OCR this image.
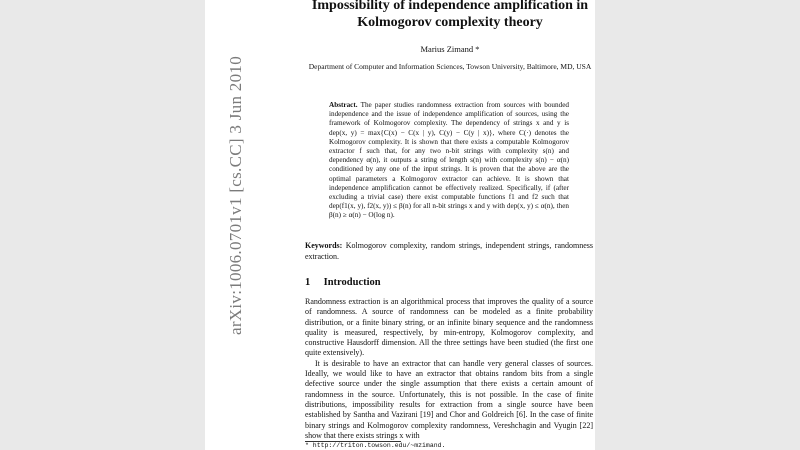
arXiv:1006.0701v1 [cs.CC] 3 Jun 2010
Impossibility of independence amplification in Kolmogorov complexity theory
Marius Zimand *
Department of Computer and Information Sciences, Towson University, Baltimore, MD, USA
Abstract. The paper studies randomness extraction from sources with bounded independence and the issue of independence amplification of sources, using the framework of Kolmogorov complexity. The dependency of strings x and y is dep(x, y) = max{C(x) − C(x | y), C(y) − C(y | x)}, where C(·) denotes the Kolmogorov complexity. It is shown that there exists a computable Kolmogorov extractor f such that, for any two n-bit strings with complexity s(n) and dependency α(n), it outputs a string of length s(n) with complexity s(n) − α(n) conditioned by any one of the input strings. It is proven that the above are the optimal parameters a Kolmogorov extractor can achieve. It is shown that independence amplification cannot be effectively realized. Specifically, if (after excluding a trivial case) there exist computable functions f1 and f2 such that dep(f1(x, y), f2(x, y)) ≤ β(n) for all n-bit strings x and y with dep(x, y) ≤ α(n), then β(n) ≥ α(n) − O(log n).
Keywords: Kolmogorov complexity, random strings, independent strings, randomness extraction.
1 Introduction

Randomness extraction is an algorithmical process that improves the quality of a source of randomness. A source of randomness can be modeled as a finite probability distribution, or a finite binary string, or an infinite binary sequence and the randomness quality is measured, respectively, by min-entropy, Kolmogorov complexity, and constructive Hausdorff dimension. All the three settings have been studied (the first one quite extensively).

It is desirable to have an extractor that can handle very general classes of sources. Ideally, we would like to have an extractor that obtains random bits from a single defective source under the single assumption that there exists a certain amount of randomness in the source. Unfortunately, this is not possible. In the case of finite distributions, impossibility results for extraction from a single source have been established by Santha and Vazirani [19] and Chor and Goldreich [6]. In the case of finite binary strings and Kolmogorov complexity randomness, Vereshchagin and Vyugin [22] show that there exists strings x with

* http://triton.towson.edu/~mzimand.
